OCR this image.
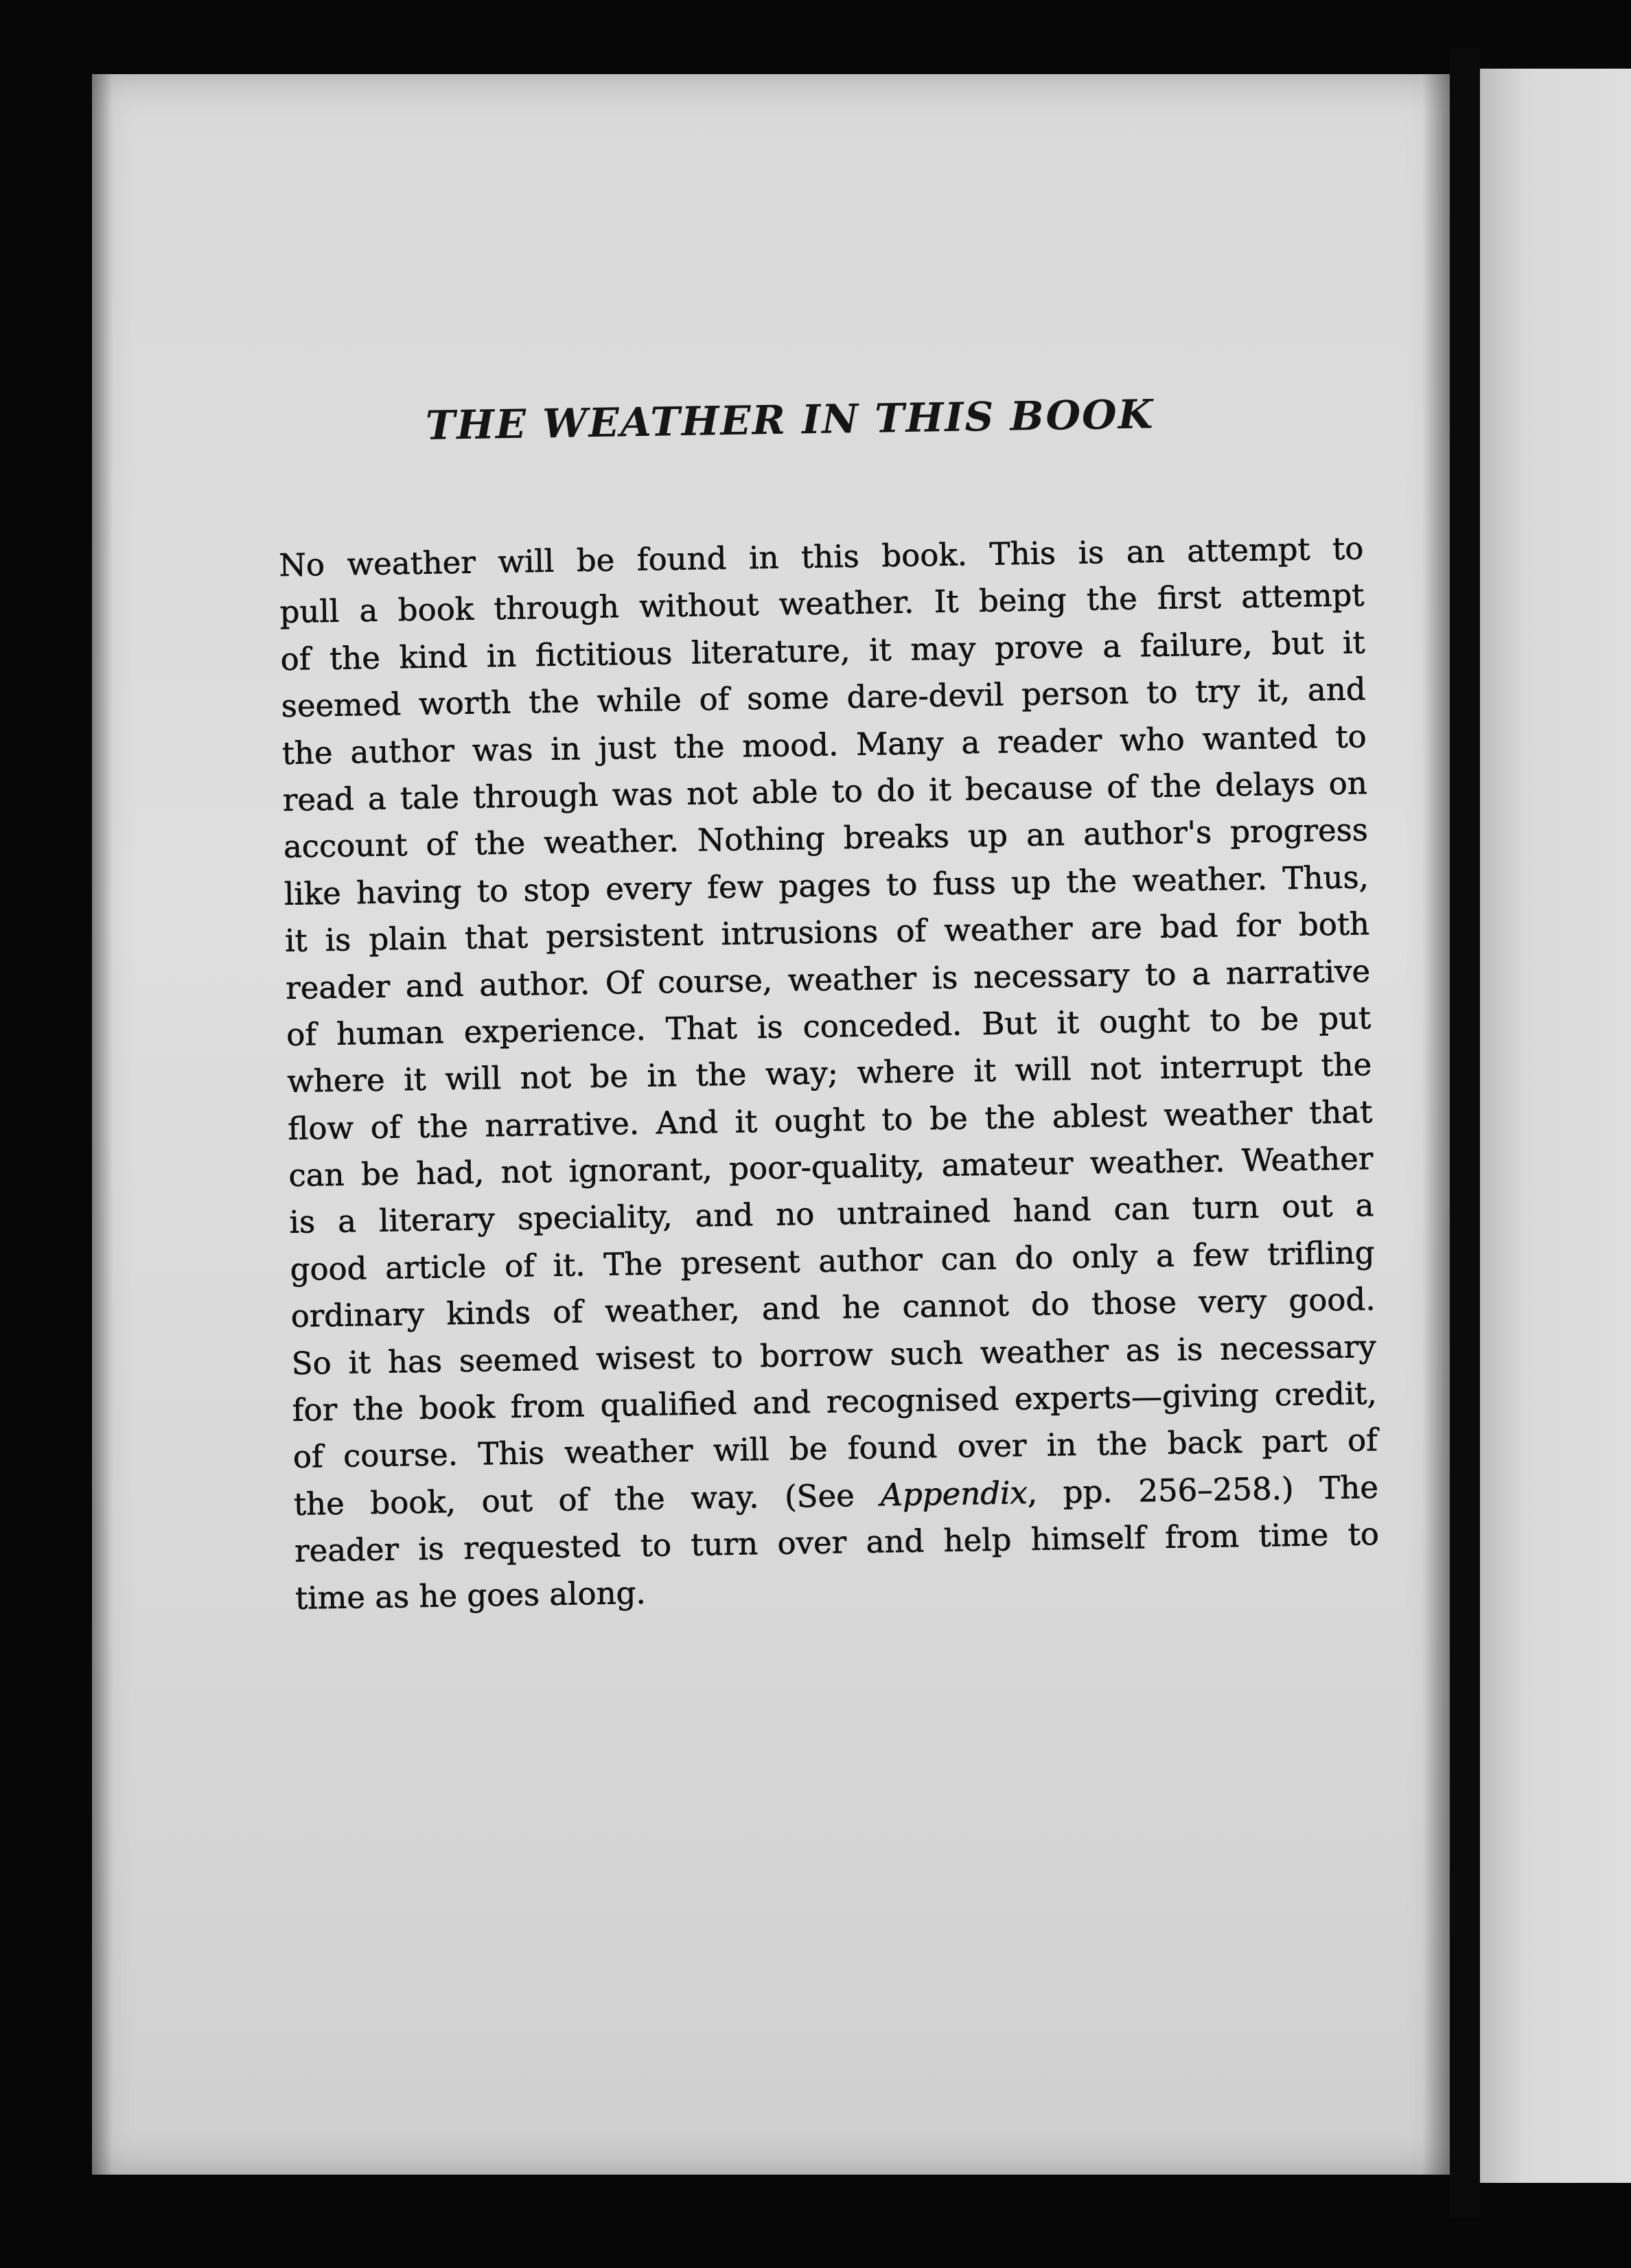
THE WEATHER IN THIS BOOK
No weather will be found in this book. This is an attempt to
pull a book through without weather. It being the first attempt
of the kind in fictitious literature, it may prove a failure, but it
seemed worth the while of some dare-devil person to try it, and
the author was in just the mood. Many a reader who wanted to
read a tale through was not able to do it because of the delays on
account of the weather. Nothing breaks up an author's progress
like having to stop every few pages to fuss up the weather. Thus,
it is plain that persistent intrusions of weather are bad for both
reader and author. Of course, weather is necessary to a narrative
of human experience. That is conceded. But it ought to be put
where it will not be in the way; where it will not interrupt the
flow of the narrative. And it ought to be the ablest weather that
can be had, not ignorant, poor-quality, amateur weather. Weather
is a literary speciality, and no untrained hand can turn out a
good article of it. The present author can do only a few trifling
ordinary kinds of weather, and he cannot do those very good.
So it has seemed wisest to borrow such weather as is necessary
for the book from qualified and recognised experts—giving credit,
of course. This weather will be found over in the back part of
the book, out of the way. (See Appendix, pp. 256–258.) The
reader is requested to turn over and help himself from time to
time as he goes along.
